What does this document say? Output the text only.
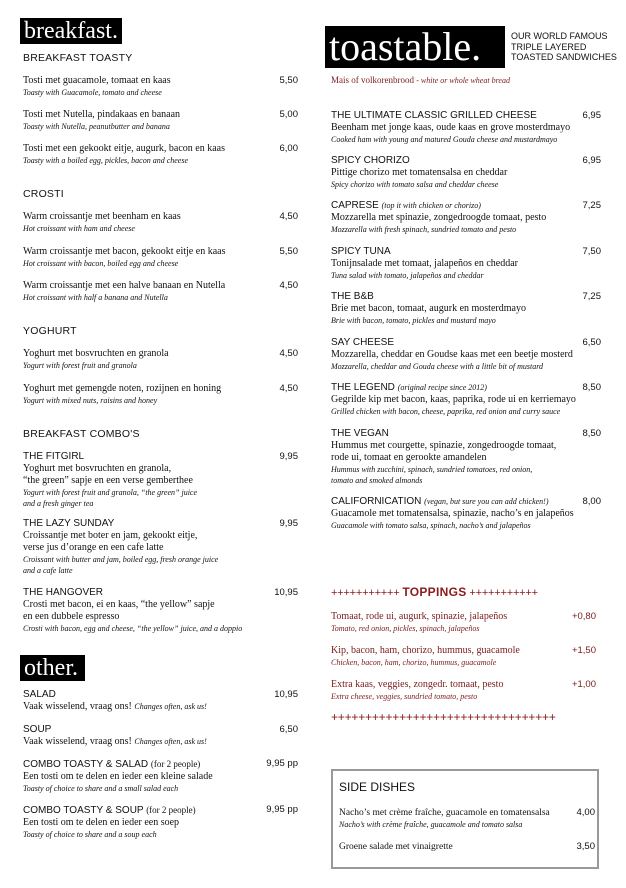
breakfast.
BREAKFAST TOASTY
Tosti met guacamole, tomaat en kaas
Toasty with Guacamole, tomato and cheese
5,50
Tosti met Nutella, pindakaas en banaan
Toasty with Nutella, peanutbutter and banana
5,00
Tosti met een gekookt eitje, augurk, bacon en kaas
Toasty with a boiled egg, pickles, bacon and cheese
6,00
CROSTI
Warm croissantje met beenham en kaas
Hot croissant with ham and cheese
4,50
Warm croissantje met bacon, gekookt eitje en kaas
Hot croissant with bacon, boiled egg and cheese
5,50
Warm croissantje met een halve banaan en Nutella
Hot croissant with half a banana and Nutella
4,50
YOGHURT
Yoghurt met bosvruchten en granola
Yogurt with forest fruit and granola
4,50
Yoghurt met gemengde noten, rozijnen en honing
Yogurt with mixed nuts, raisins and honey
4,50
BREAKFAST COMBO'S
THE FITGIRL
Yoghurt met bosvruchten en granola,
“the green” sapje en een verse gemberthee
Yogurt with forest fruit and granola, “the green” juice
and a fresh ginger tea
9,95
THE LAZY SUNDAY
Croissantje met boter en jam, gekookt eitje,
verse jus d’orange en een cafe latte
Croissant with butter and jam, boiled egg, fresh orange juice
and a cafe latte
9,95
THE HANGOVER
Crosti met bacon, ei en kaas, “the yellow” sapje
en een dubbele espresso
Crosti with bacon, egg and cheese, “the yellow” juice, and a doppio
10,95
other.
SALAD
Vaak wisselend, vraag ons! Changes often, ask us!
10,95
SOUP
Vaak wisselend, vraag ons! Changes often, ask us!
6,50
COMBO TOASTY & SALAD (for 2 people)
Een tosti om te delen en ieder een kleine salade
Toasty of choice to share and a small salad each
9,95 pp
COMBO TOASTY & SOUP (for 2 people)
Een tosti om te delen en ieder een soep
Toasty of choice to share and a soup each
9,95 pp
toastable.	OUR WORLD FAMOUS
TRIPLE LAYERED
TOASTED SANDWICHES
Mais of volkorenbrood - white or whole wheat bread
THE ULTIMATE CLASSIC GRILLED CHEESE
Beenham met jonge kaas, oude kaas en grove mosterdmayo
Cooked ham with young and matured Gouda cheese and mustardmayo
6,95
SPICY CHORIZO
Pittige chorizo met tomatensalsa en cheddar
Spicy chorizo with tomato salsa and cheddar cheese
6,95
CAPRESE (top it with chicken or chorizo)
Mozzarella met spinazie, zongedroogde tomaat, pesto
Mozzarella with fresh spinach, sundried tomato and pesto
7,25
SPICY TUNA
Tonijnsalade met tomaat, jalapeños en cheddar
Tuna salad with tomato, jalapeños and cheddar
7,50
THE B&B
Brie met bacon, tomaat, augurk en mosterdmayo
Brie with bacon, tomato, pickles and mustard mayo
7,25
SAY CHEESE
Mozzarella, cheddar en Goudse kaas met een beetje mosterd
Mozzarella, cheddar and Gouda cheese with a little bit of mustard
6,50
THE LEGEND (original recipe since 2012)
Gegrilde kip met bacon, kaas, paprika, rode ui en kerriemayo
Grilled chicken with bacon, cheese, paprika, red onion and curry sauce
8,50
THE VEGAN
Hummus met courgette, spinazie, zongedroogde tomaat,
rode ui, tomaat en gerookte amandelen
Hummus with zucchini, spinach, sundried tomatoes, red onion,
tomato and smoked almonds
8,50
CALIFORNICATION (vegan, but sure you can add chicken!)
Guacamole met tomatensalsa, spinazie, nacho’s en jalapeños
Guacamole with tomato salsa, spinach, nacho’s and jalapeños
8,00
+++++++++++ TOPPINGS +++++++++++
Tomaat, rode ui, augurk, spinazie, jalapeños
Tomato, red onion, pickles, spinach, jalapeños
+0,80
Kip, bacon, ham, chorizo, hummus, guacamole
Chicken, bacon, ham, chorizo, hummus, guacamole
+1,50
Extra kaas, veggies, zongedr. tomaat, pesto
Extra cheese, veggies, sundried tomato, pesto
+1,00
+++++++++++++++++++++++++++++++++
SIDE DISHES
Nacho’s met crème fraîche, guacamole en tomatensalsa
Nacho’s with crème fraîche, guacamole and tomato salsa
4,00
Groene salade met vinaigrette	3,50
